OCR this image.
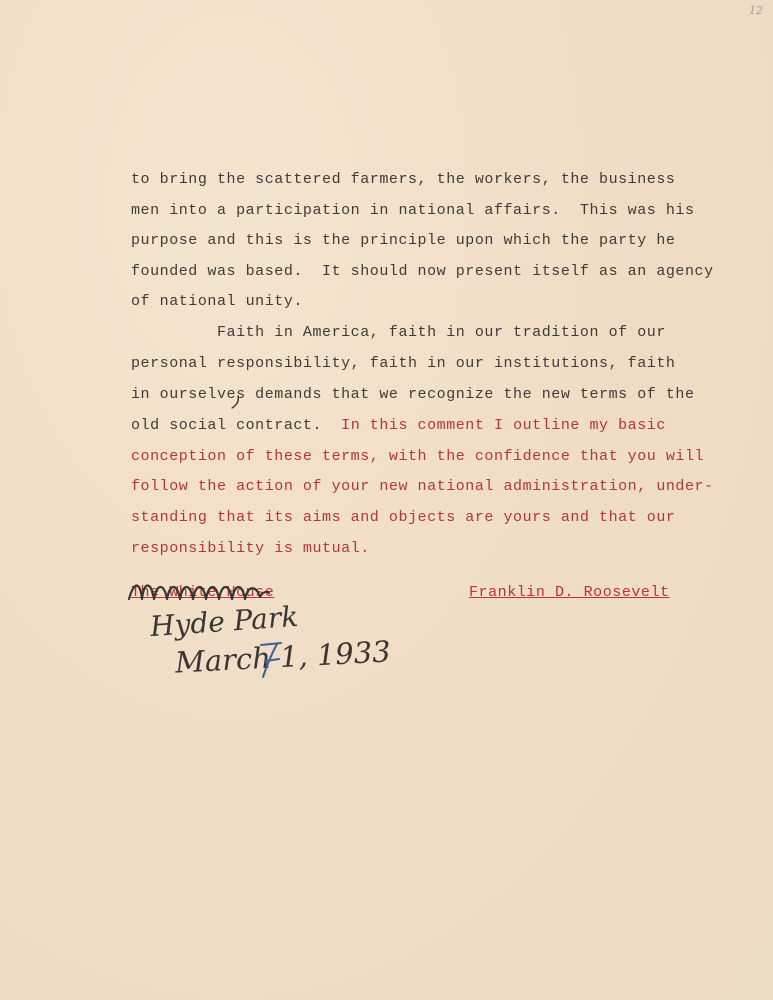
12

to bring the scattered farmers, the workers, the business

men into a participation in national affairs.  This was his

purpose and this is the principle upon which the party he

founded was based.  It should now present itself as an agency

of national unity.

Faith in America, faith in our tradition of our

personal responsibility, faith in our institutions, faith

in ourselves demands that we recognize the new terms of the

old social contract.  In this comment I outline my basic

conception of these terms, with the confidence that you will

follow the action of your new national administration, under-

standing that its aims and objects are yours and that our

responsibility is mutual.

The White House	Franklin D. Roosevelt
Hyde Park
March 1, 1933
